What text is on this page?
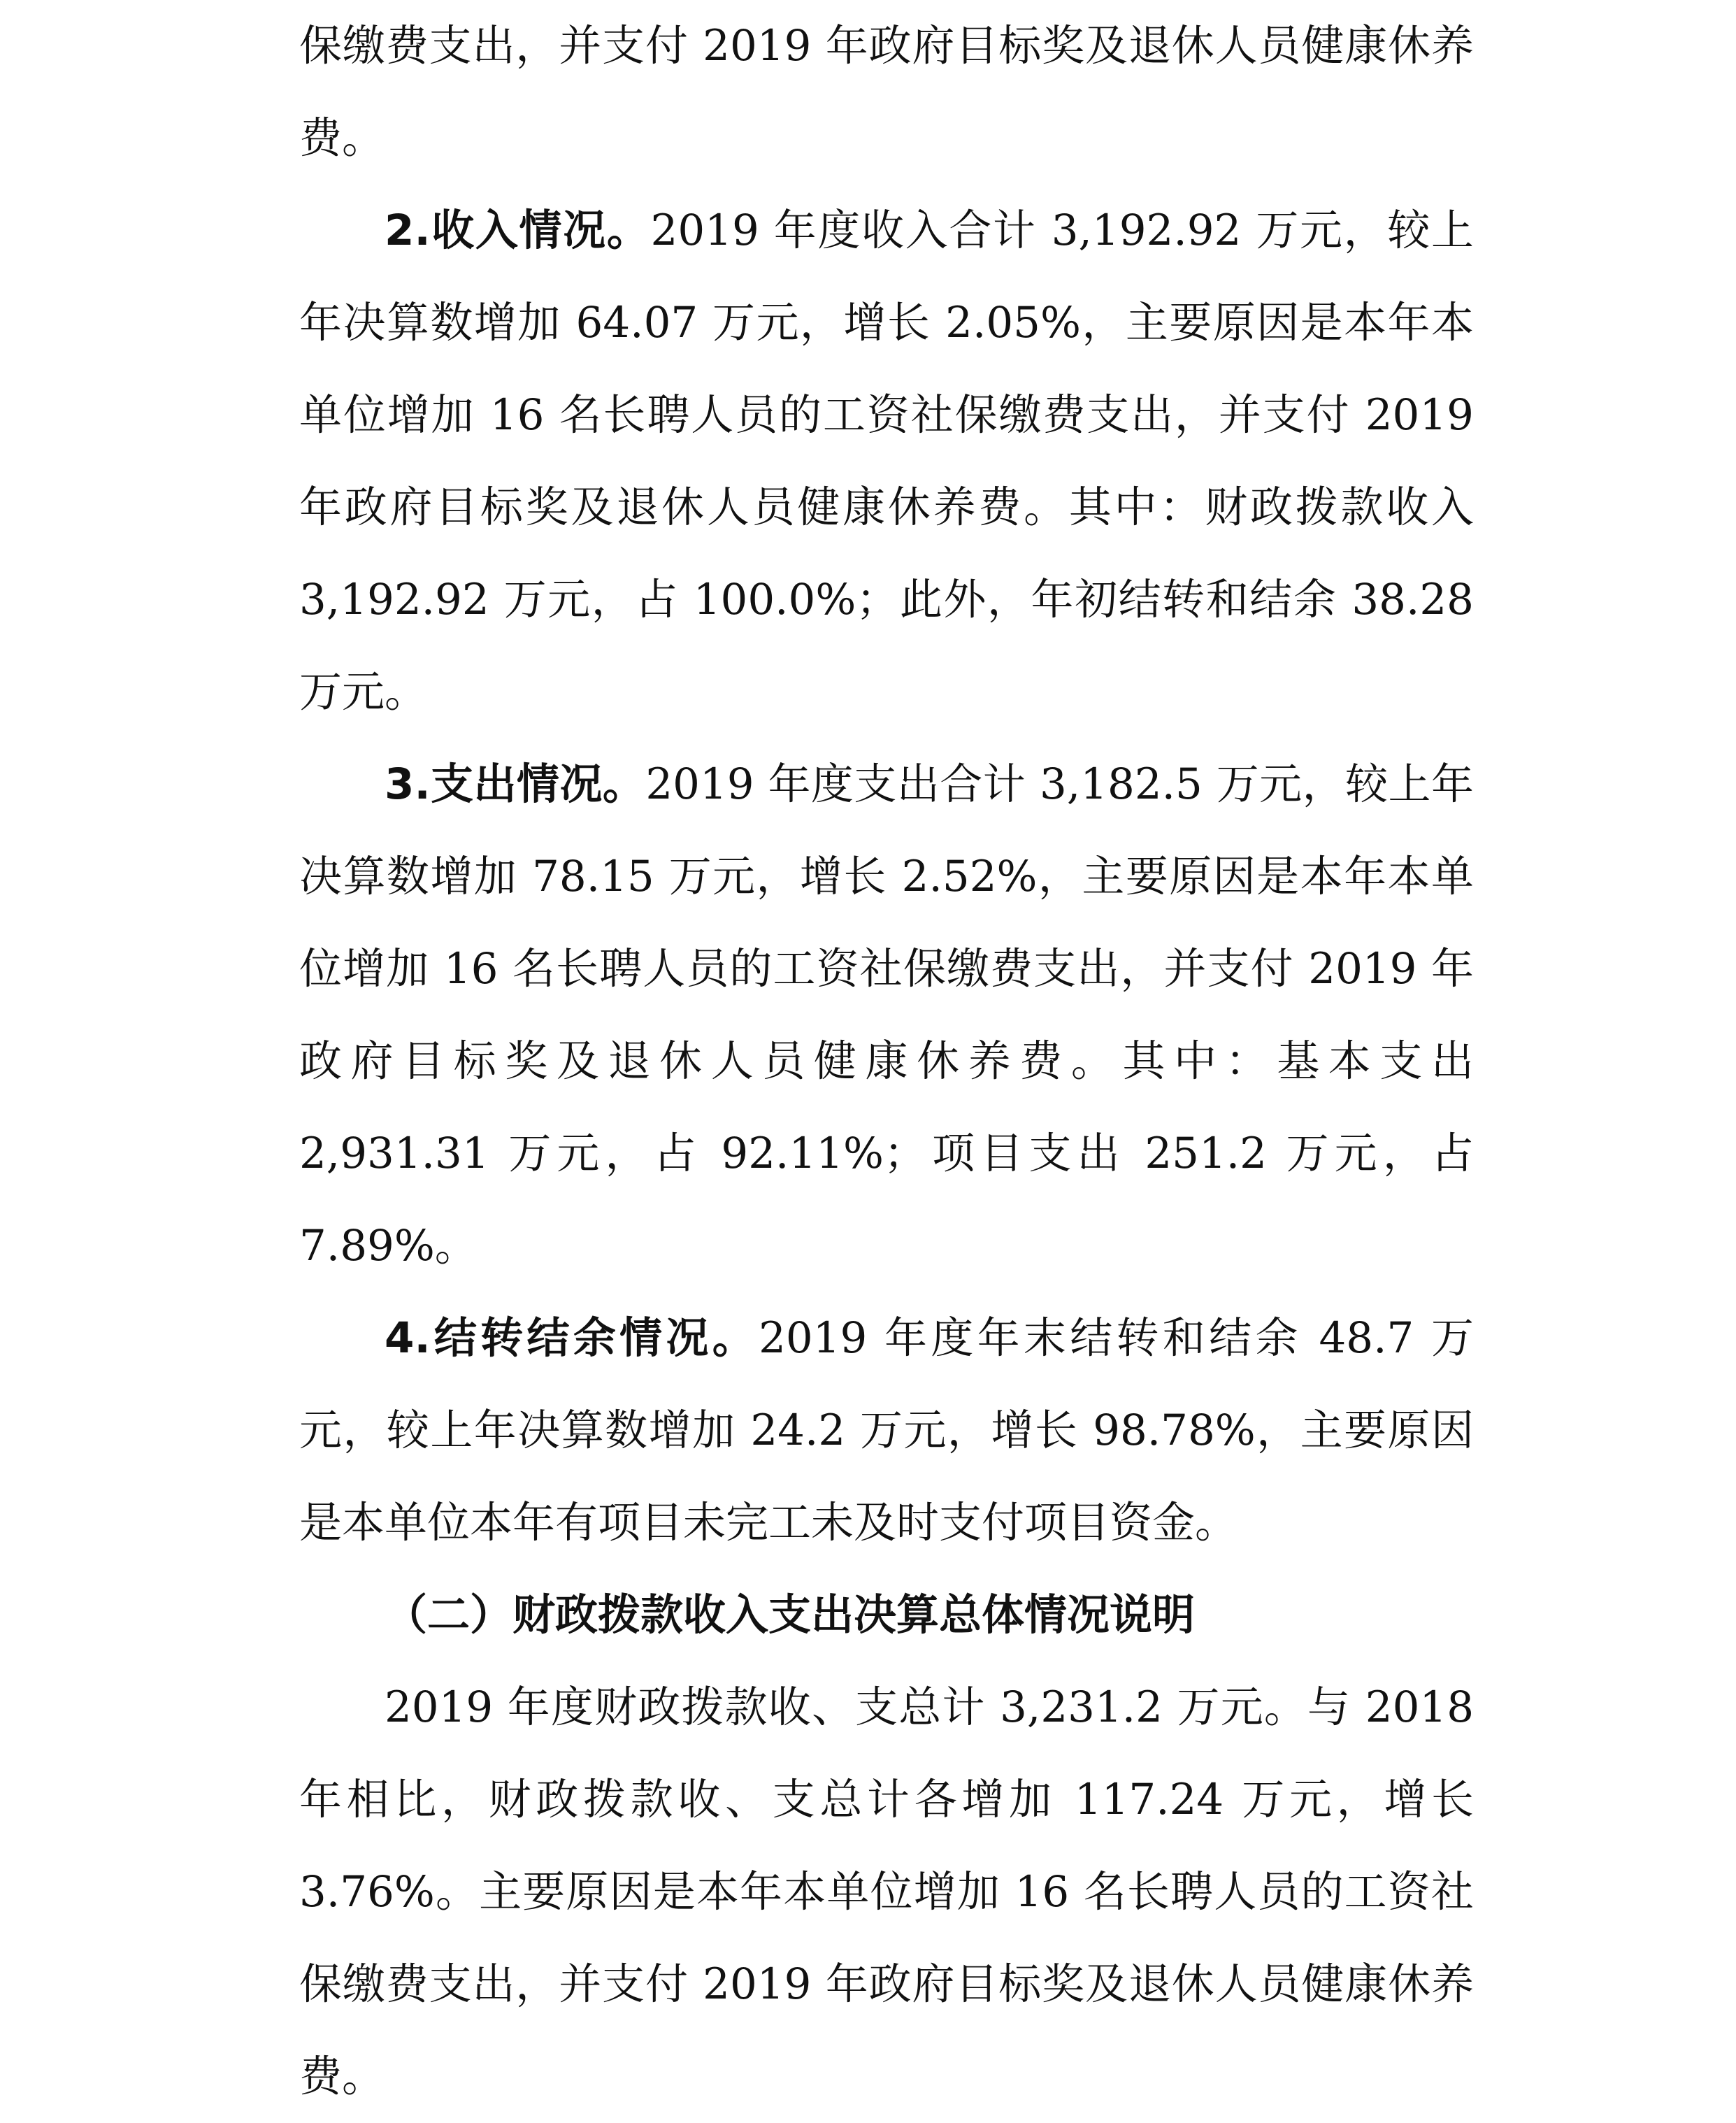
保缴费支出，并支付 2019 年政府目标奖及退休人员健康休养费。

2.收入情况。2019 年度收入合计 3,192.92 万元，较上年决算数增加 64.07 万元，增长 2.05%，主要原因是本年本单位增加 16 名长聘人员的工资社保缴费支出，并支付 2019 年政府目标奖及退休人员健康休养费。其中：财政拨款收入 3,192.92 万元，占 100.0%；此外，年初结转和结余 38.28 万元。

3.支出情况。2019 年度支出合计 3,182.5 万元，较上年决算数增加 78.15 万元，增长 2.52%，主要原因是本年本单位增加 16 名长聘人员的工资社保缴费支出，并支付 2019 年政府目标奖及退休人员健康休养费。其中：基本支出 2,931.31 万元，占 92.11%；项目支出 251.2 万元，占 7.89%。

4.结转结余情况。2019 年度年末结转和结余 48.7 万元，较上年决算数增加 24.2 万元，增长 98.78%，主要原因是本单位本年有项目未完工未及时支付项目资金。

（二）财政拨款收入支出决算总体情况说明

2019 年度财政拨款收、支总计 3,231.2 万元。与 2018 年相比，财政拨款收、支总计各增加 117.24 万元，增长 3.76%。主要原因是本年本单位增加 16 名长聘人员的工资社保缴费支出，并支付 2019 年政府目标奖及退休人员健康休养费。
